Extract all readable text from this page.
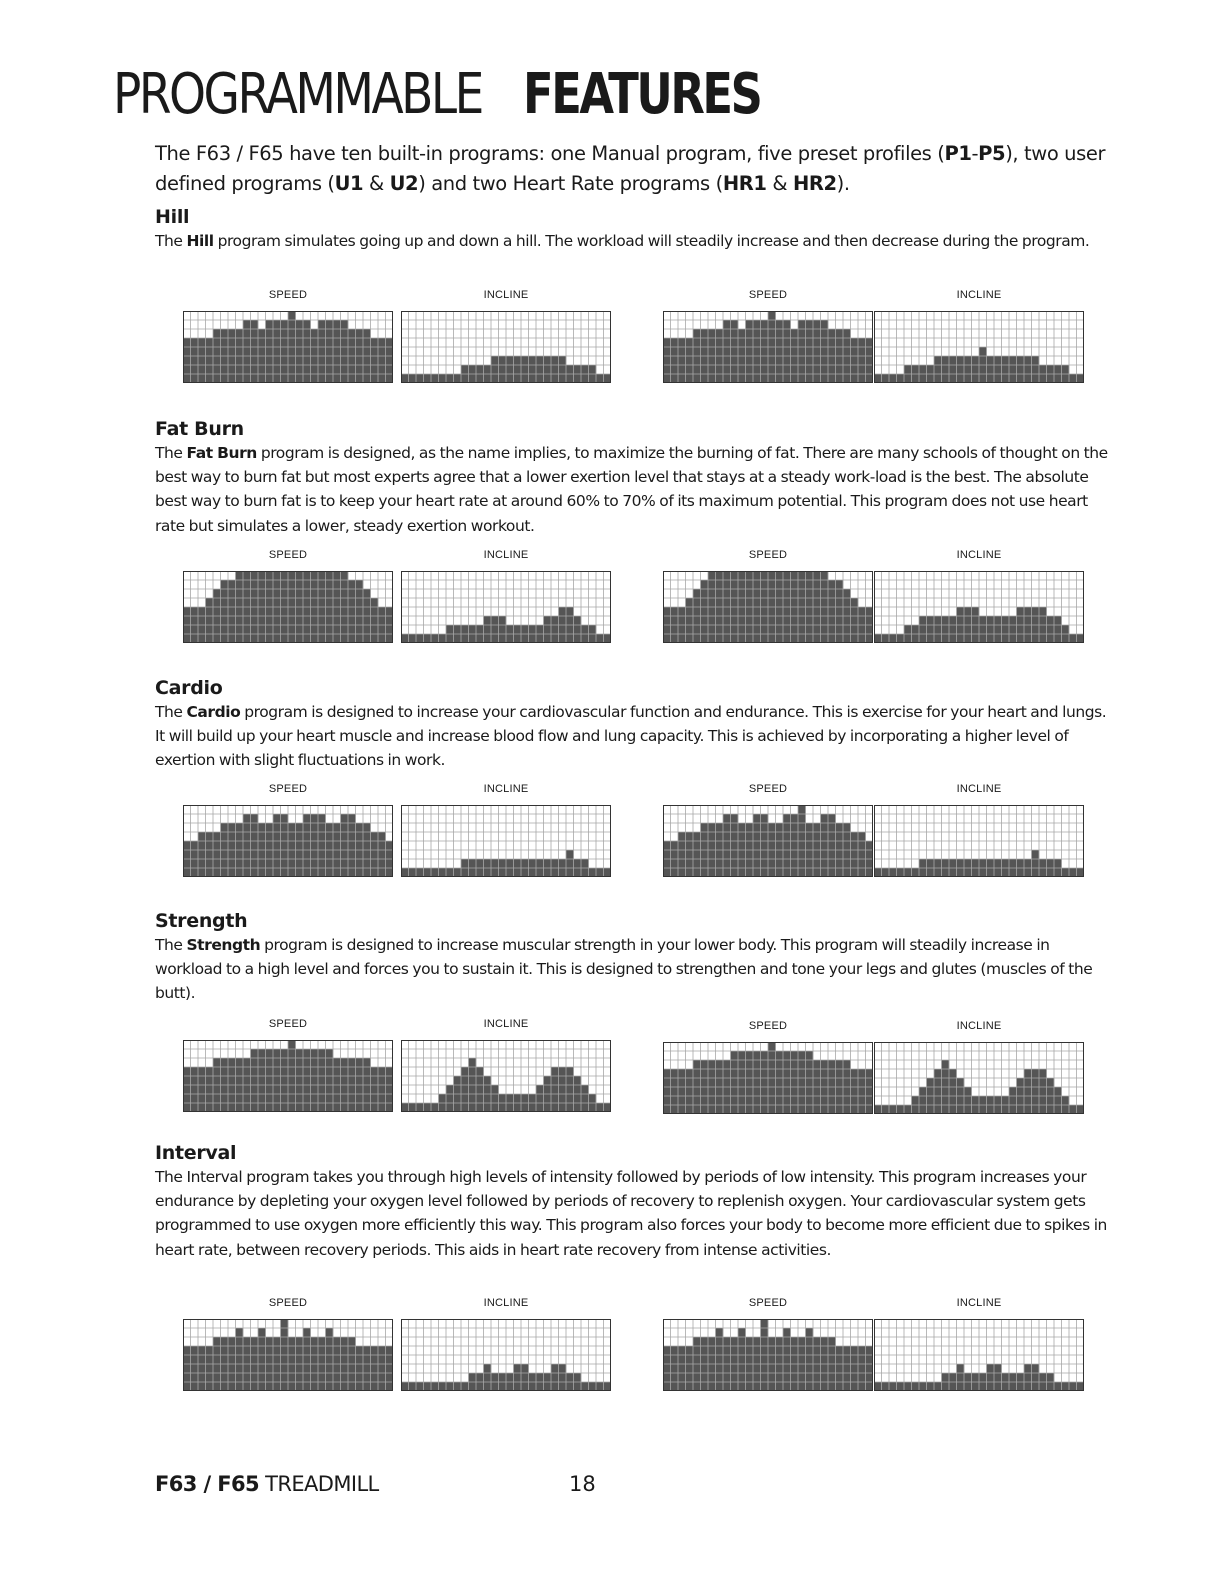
PROGRAMMABLE FEATURES

The F63 / F65 have ten built-in programs: one Manual program, five preset profiles (P1-P5), two user defined programs (U1 & U2) and two Heart Rate programs (HR1 & HR2).

Hill

The Hill program simulates going up and down a hill. The workload will steadily increase and then decrease during the program.

SPEED	INCLINE	SPEED	INCLINE
Fat Burn

The Fat Burn program is designed, as the name implies, to maximize the burning of fat. There are many schools of thought on the best way to burn fat but most experts agree that a lower exertion level that stays at a steady work-load is the best. The absolute best way to burn fat is to keep your heart rate at around 60% to 70% of its maximum potential. This program does not use heart rate but simulates a lower, steady exertion workout.

SPEED	INCLINE	SPEED	INCLINE
Cardio

The Cardio program is designed to increase your cardiovascular function and endurance. This is exercise for your heart and lungs. It will build up your heart muscle and increase blood flow and lung capacity. This is achieved by incorporating a higher level of exertion with slight fluctuations in work.

SPEED	INCLINE	SPEED	INCLINE
Strength

The Strength program is designed to increase muscular strength in your lower body. This program will steadily increase in workload to a high level and forces you to sustain it. This is designed to strengthen and tone your legs and glutes (muscles of the butt).

SPEED	INCLINE	SPEED	INCLINE
Interval

The Interval program takes you through high levels of intensity followed by periods of low intensity. This program increases your endurance by depleting your oxygen level followed by periods of recovery to replenish oxygen. Your cardiovascular system gets programmed to use oxygen more efficiently this way. This program also forces your body to become more efficient due to spikes in heart rate, between recovery periods. This aids in heart rate recovery from intense activities.

SPEED	INCLINE	SPEED	INCLINE

F63 / F65 TREADMILL	18
